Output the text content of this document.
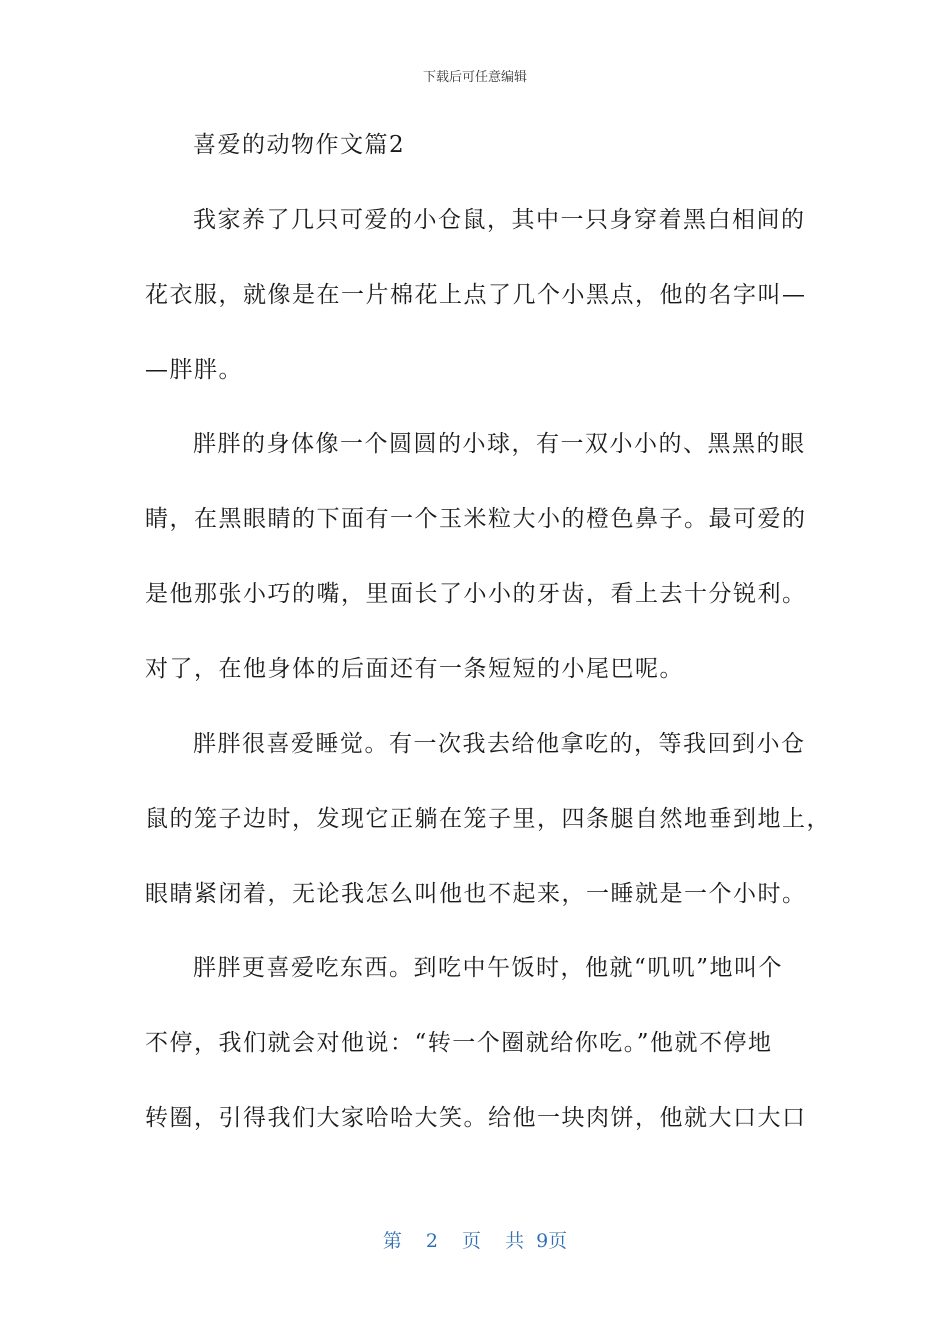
下载后可任意编辑
喜爱的动物作文篇2
我家养了几只可爱的小仓鼠，其中一只身穿着黑白相间的
花衣服，就像是在一片棉花上点了几个小黑点，他的名字叫—
—胖胖。
胖胖的身体像一个圆圆的小球，有一双小小的、黑黑的眼
睛，在黑眼睛的下面有一个玉米粒大小的橙色鼻子。最可爱的
是他那张小巧的嘴，里面长了小小的牙齿，看上去十分锐利。
对了，在他身体的后面还有一条短短的小尾巴呢。
胖胖很喜爱睡觉。有一次我去给他拿吃的，等我回到小仓
鼠的笼子边时，发现它正躺在笼子里，四条腿自然地垂到地上，
眼睛紧闭着，无论我怎么叫他也不起来，一睡就是一个小时。
胖胖更喜爱吃东西。到吃中午饭时，他就“叽叽”地叫个
不停，我们就会对他说：“转一个圈就给你吃。”他就不停地
转圈，引得我们大家哈哈大笑。给他一块肉饼，他就大口大口
第 2 页 共 9页
